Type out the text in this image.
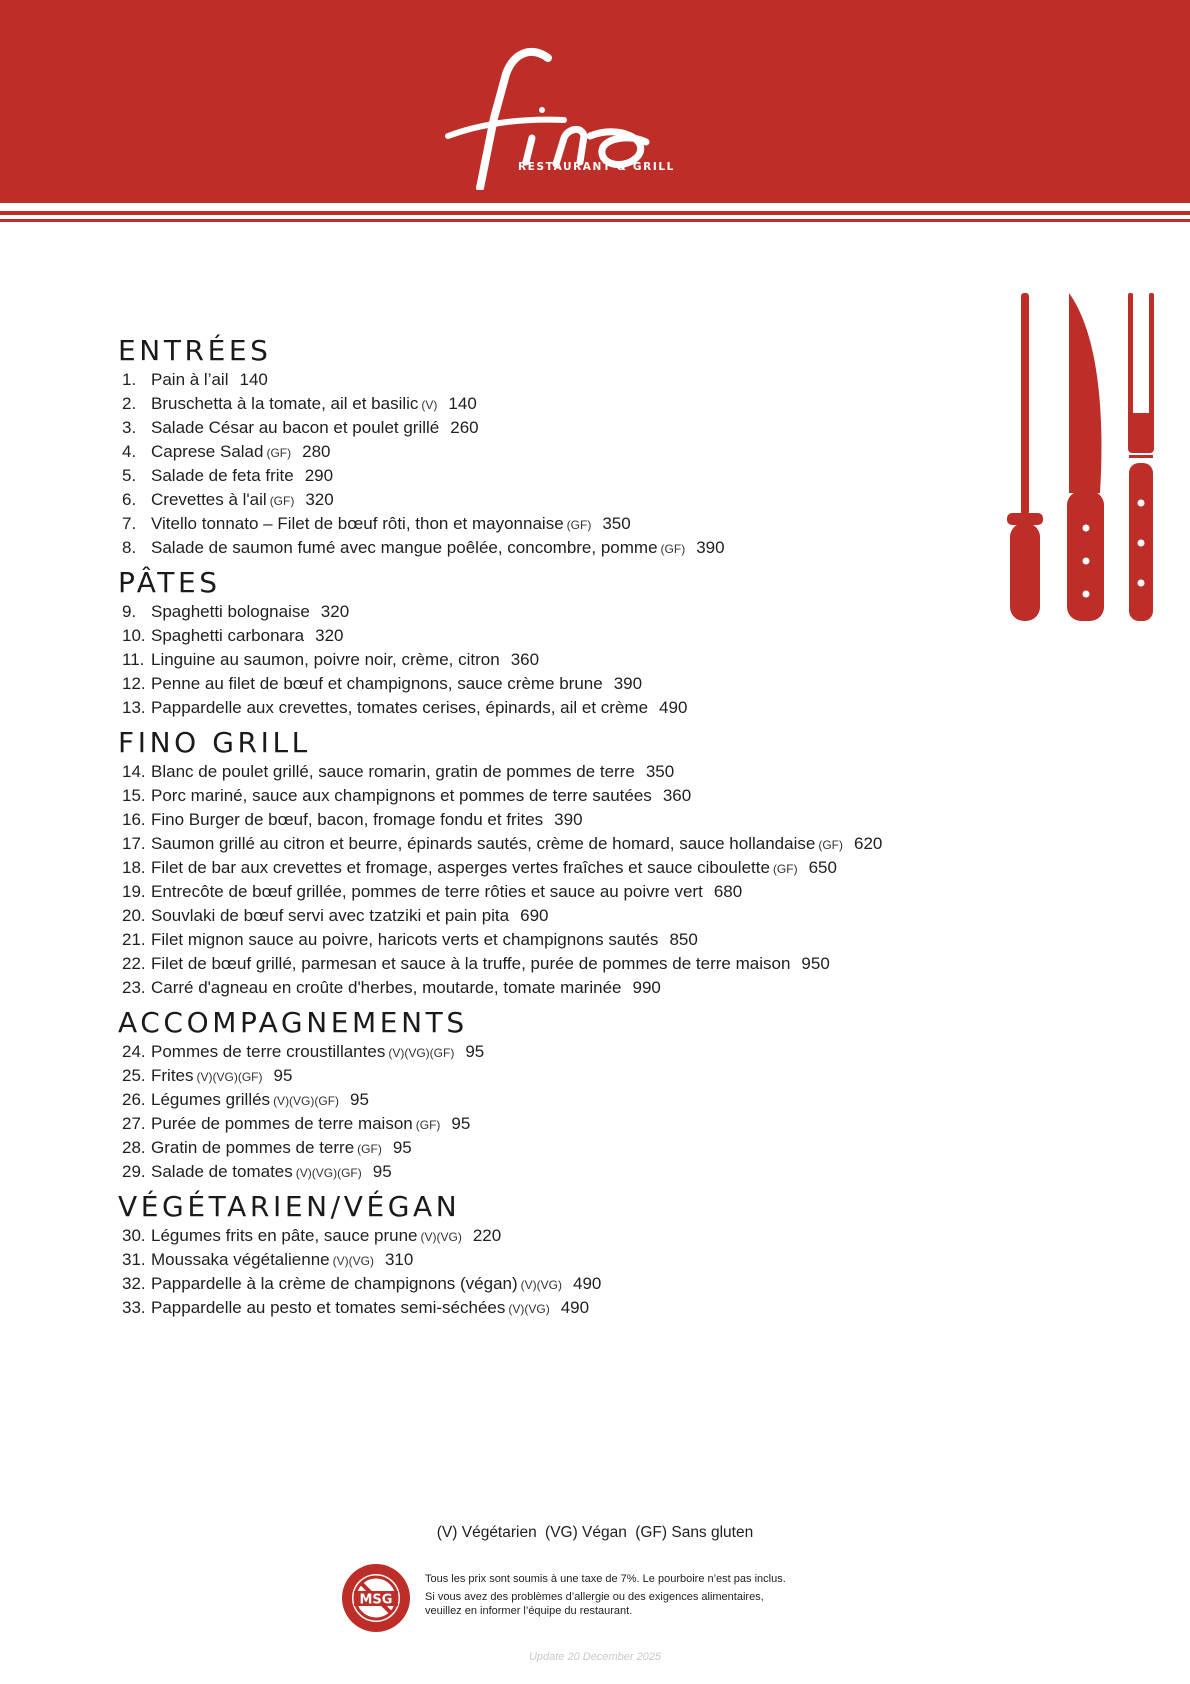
RESTAURANT & GRILL
ENTRÉES
1. Pain à l’ail 140
2. Bruschetta à la tomate, ail et basilic (V) 140
3. Salade César au bacon et poulet grillé 260
4. Caprese Salad (GF) 280
5. Salade de feta frite 290
6. Crevettes à l'ail (GF) 320
7. Vitello tonnato – Filet de bœuf rôti, thon et mayonnaise (GF) 350
8. Salade de saumon fumé avec mangue poêlée, concombre, pomme (GF) 390
PÂTES
9. Spaghetti bolognaise 320
10. Spaghetti carbonara 320
11. Linguine au saumon, poivre noir, crème, citron 360
12. Penne au filet de bœuf et champignons, sauce crème brune 390
13. Pappardelle aux crevettes, tomates cerises, épinards, ail et crème 490
FINO GRILL
14. Blanc de poulet grillé, sauce romarin, gratin de pommes de terre 350
15. Porc mariné, sauce aux champignons et pommes de terre sautées 360
16. Fino Burger de bœuf, bacon, fromage fondu et frites 390
17. Saumon grillé au citron et beurre, épinards sautés, crème de homard, sauce hollandaise (GF) 620
18. Filet de bar aux crevettes et fromage, asperges vertes fraîches et sauce ciboulette (GF) 650
19. Entrecôte de bœuf grillée, pommes de terre rôties et sauce au poivre vert 680
20. Souvlaki de bœuf servi avec tzatziki et pain pita 690
21. Filet mignon sauce au poivre, haricots verts et champignons sautés 850
22. Filet de bœuf grillé, parmesan et sauce à la truffe, purée de pommes de terre maison 950
23. Carré d'agneau en croûte d'herbes, moutarde, tomate marinée 990
ACCOMPAGNEMENTS
24. Pommes de terre croustillantes (V)(VG)(GF) 95
25. Frites (V)(VG)(GF) 95
26. Légumes grillés (V)(VG)(GF) 95
27. Purée de pommes de terre maison (GF) 95
28. Gratin de pommes de terre (GF) 95
29. Salade de tomates (V)(VG)(GF) 95
VÉGÉTARIEN/VÉGAN
30. Légumes frits en pâte, sauce prune (V)(VG) 220
31. Moussaka végétalienne (V)(VG) 310
32. Pappardelle à la crème de champignons (végan) (V)(VG) 490
33. Pappardelle au pesto et tomates semi-séchées (V)(VG) 490
(V) Végétarien (VG) Végan (GF) Sans gluten
MSG

Tous les prix sont soumis à une taxe de 7%. Le pourboire n’est pas inclus.

Si vous avez des problèmes d’allergie ou des exigences alimentaires,
veuillez en informer l’équipe du restaurant.
Update 20 December 2025
